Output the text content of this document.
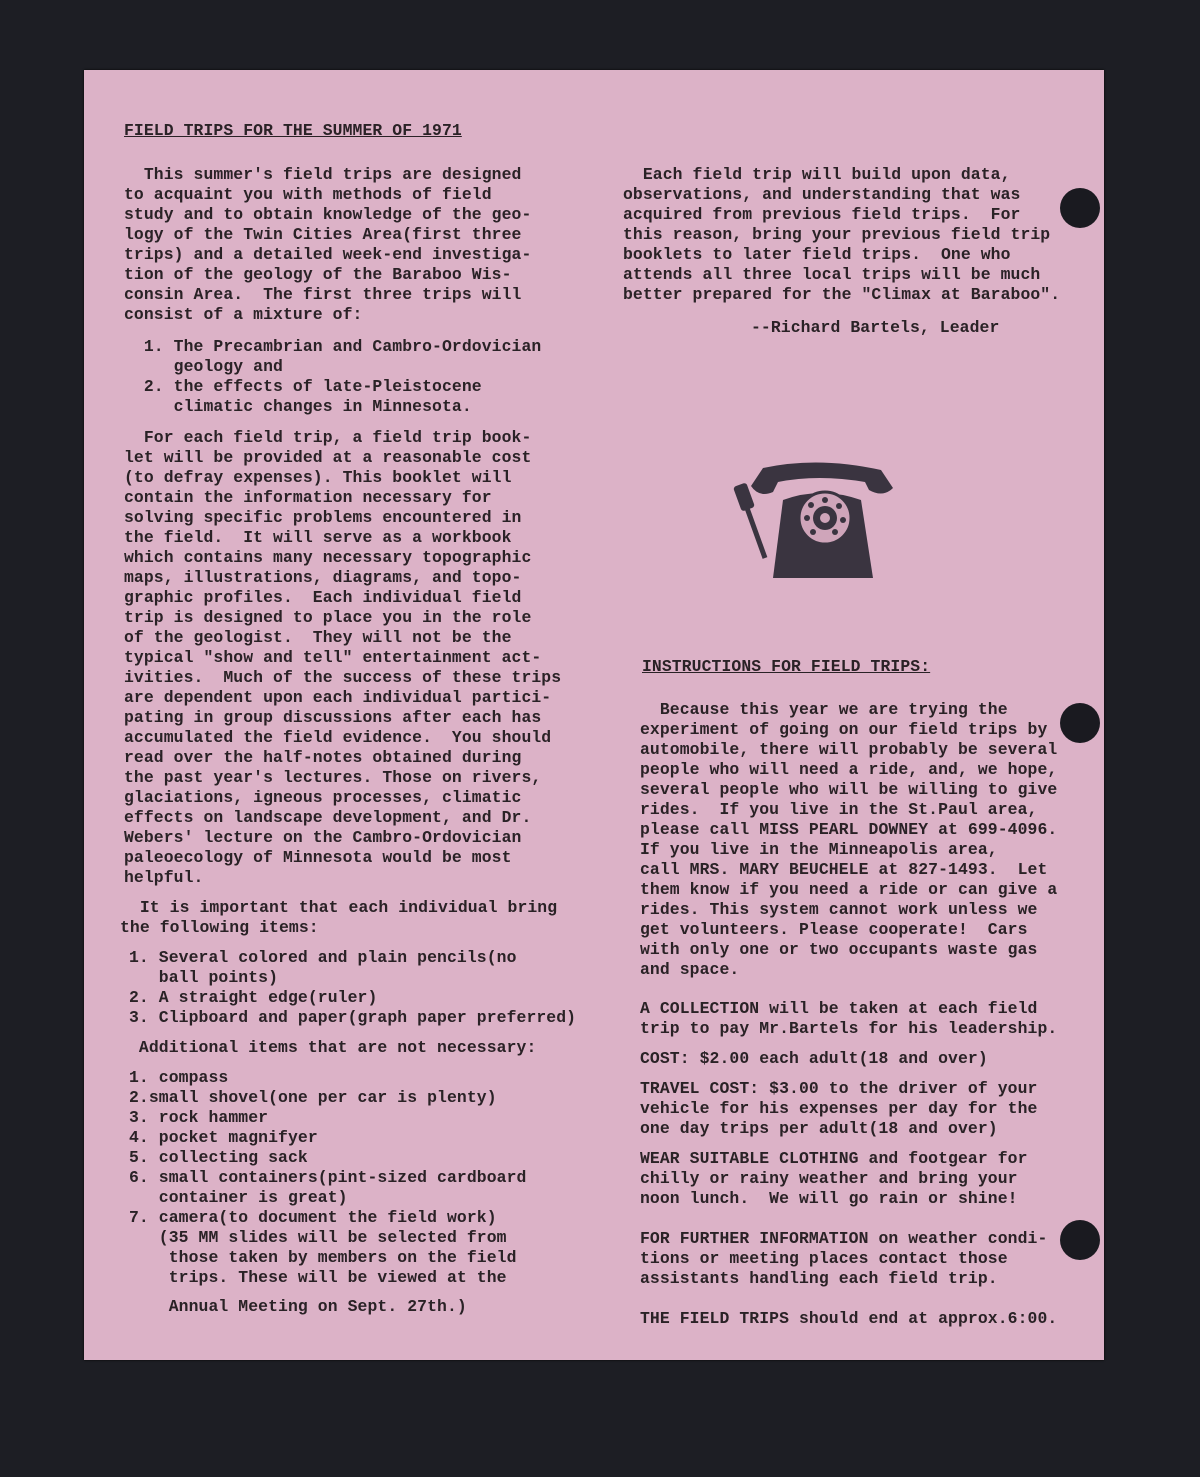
FIELD TRIPS FOR THE SUMMER OF 1971
This summer's field trips are designed
to acquaint you with methods of field
study and to obtain knowledge of the geo-
logy of the Twin Cities Area(first three
trips) and a detailed week-end investiga-
tion of the geology of the Baraboo Wis-
consin Area.  The first three trips will
consist of a mixture of:
1. The Precambrian and Cambro-Ordovician
geology and
2. the effects of late-Pleistocene
climatic changes in Minnesota.
For each field trip, a field trip book-
let will be provided at a reasonable cost
(to defray expenses). This booklet will
contain the information necessary for
solving specific problems encountered in
the field.  It will serve as a workbook
which contains many necessary topographic
maps, illustrations, diagrams, and topo-
graphic profiles.  Each individual field
trip is designed to place you in the role
of the geologist.  They will not be the
typical "show and tell" entertainment act-
ivities.  Much of the success of these trips
are dependent upon each individual partici-
pating in group discussions after each has
accumulated the field evidence.  You should
read over the half-notes obtained during
the past year's lectures. Those on rivers,
glaciations, igneous processes, climatic
effects on landscape development, and Dr.
Webers' lecture on the Cambro-Ordovician
paleoecology of Minnesota would be most
helpful.
It is important that each individual bring
the following items:
1. Several colored and plain pencils(no
ball points)
2. A straight edge(ruler)
3. Clipboard and paper(graph paper preferred)
Additional items that are not necessary:
1. compass
2.small shovel(one per car is plenty)
3. rock hammer
4. pocket magnifyer
5. collecting sack
6. small containers(pint-sized cardboard
container is great)
7. camera(to document the field work)
(35 MM slides will be selected from
those taken by members on the field
trips. These will be viewed at the
Annual Meeting on Sept. 27th.)
Each field trip will build upon data,
observations, and understanding that was
acquired from previous field trips.  For
this reason, bring your previous field trip
booklets to later field trips.  One who
attends all three local trips will be much
better prepared for the "Climax at Baraboo".
--Richard Bartels, Leader
INSTRUCTIONS FOR FIELD TRIPS:
Because this year we are trying the
experiment of going on our field trips by
automobile, there will probably be several
people who will need a ride, and, we hope,
several people who will be willing to give
rides.  If you live in the St.Paul area,
please call MISS PEARL DOWNEY at 699-4096.
If you live in the Minneapolis area,
call MRS. MARY BEUCHELE at 827-1493.  Let
them know if you need a ride or can give a
rides. This system cannot work unless we
get volunteers. Please cooperate!  Cars
with only one or two occupants waste gas
and space.
A COLLECTION will be taken at each field
trip to pay Mr.Bartels for his leadership.
COST: $2.00 each adult(18 and over)
TRAVEL COST: $3.00 to the driver of your
vehicle for his expenses per day for the
one day trips per adult(18 and over)
WEAR SUITABLE CLOTHING and footgear for
chilly or rainy weather and bring your
noon lunch.  We will go rain or shine!
FOR FURTHER INFORMATION on weather condi-
tions or meeting places contact those
assistants handling each field trip.
THE FIELD TRIPS should end at approx.6:00.
